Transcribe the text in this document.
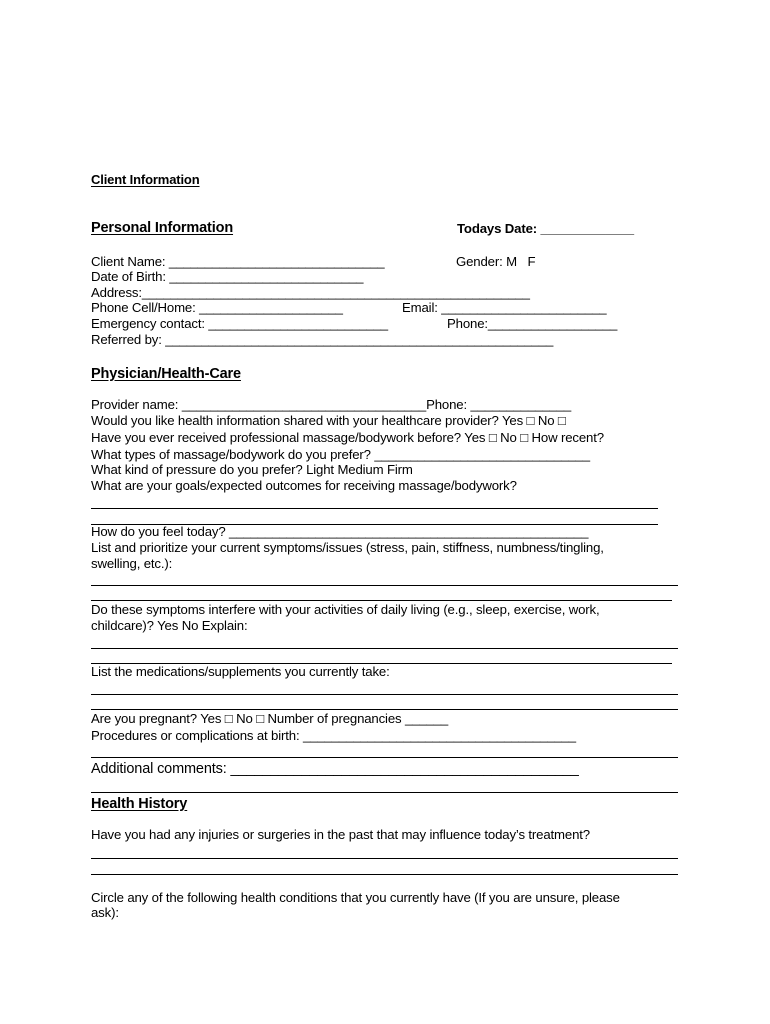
Client Information
Personal Information	Todays Date: _____________
Client Name: ______________________________	Gender: M   F
Date of Birth: ___________________________
Address:______________________________________________________
Phone Cell/Home: ____________________	Email: _______________________
Emergency contact: _________________________	Phone:__________________
Referred by: ______________________________________________________
Physician/Health-Care
Provider name: __________________________________Phone: ______________
Would you like health information shared with your healthcare provider? Yes □ No □
Have you ever received professional massage/bodywork before? Yes □ No □ How recent?
What types of massage/bodywork do you prefer? ______________________________
What kind of pressure do you prefer? Light Medium Firm
What are your goals/expected outcomes for receiving massage/bodywork?
How do you feel today? __________________________________________________
List and prioritize your current symptoms/issues (stress, pain, stiffness, numbness/tingling,
swelling, etc.):
Do these symptoms interfere with your activities of daily living (e.g., sleep, exercise, work,
childcare)? Yes No Explain:
List the medications/supplements you currently take:
Are you pregnant? Yes □ No □ Number of pregnancies ______
Procedures or complications at birth: ______________________________________
Additional comments: ____________________________________________
Health History
Have you had any injuries or surgeries in the past that may influence today’s treatment?
Circle any of the following health conditions that you currently have (If you are unsure, please
ask):
